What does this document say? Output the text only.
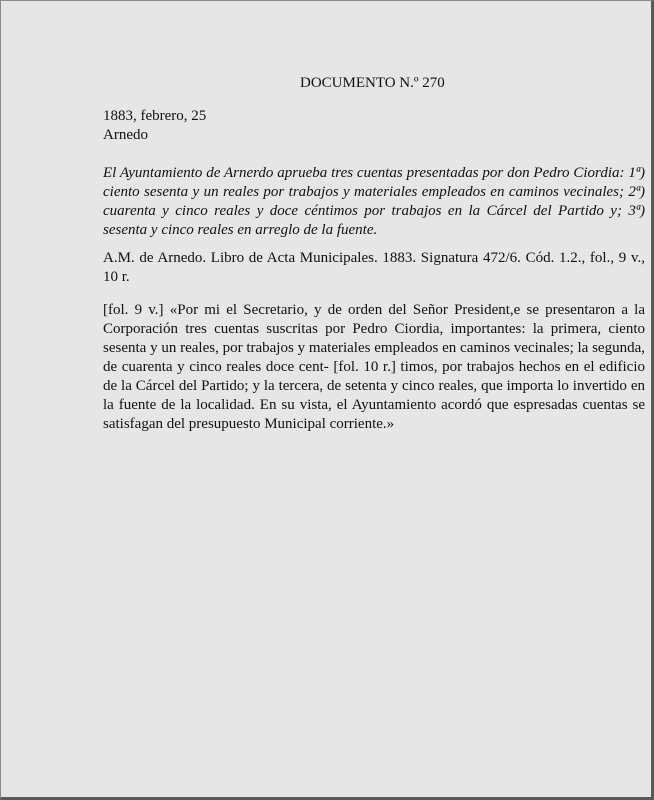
DOCUMENTO N.º 270
1883, febrero, 25
Arnedo

El Ayuntamiento de Arnerdo aprueba tres cuentas presentadas por don Pedro Ciordia: 1ª) ciento sesenta y un reales por trabajos y materiales empleados en caminos vecinales; 2ª) cuarenta y cinco reales y doce céntimos por trabajos en la Cárcel del Partido y; 3ª) sesenta y cinco reales en arreglo de la fuente.

A.M. de Arnedo. Libro de Acta Municipales. 1883. Signatura 472/6. Cód. 1.2., fol., 9 v., 10 r.

[fol. 9 v.] «Por mi el Secretario, y de orden del Señor President,e se presentaron a la Corporación tres cuentas suscritas por Pedro Ciordia, importantes: la primera, ciento sesenta y un reales, por trabajos y materiales empleados en caminos vecinales; la segunda, de cuarenta y cinco reales doce cent- [fol. 10 r.] timos, por trabajos hechos en el edificio de la Cárcel del Partido; y la tercera, de setenta y cinco reales, que importa lo invertido en la fuente de la localidad. En su vista, el Ayuntamiento acordó que espresadas cuentas se satisfagan del presupuesto Municipal corriente.»
